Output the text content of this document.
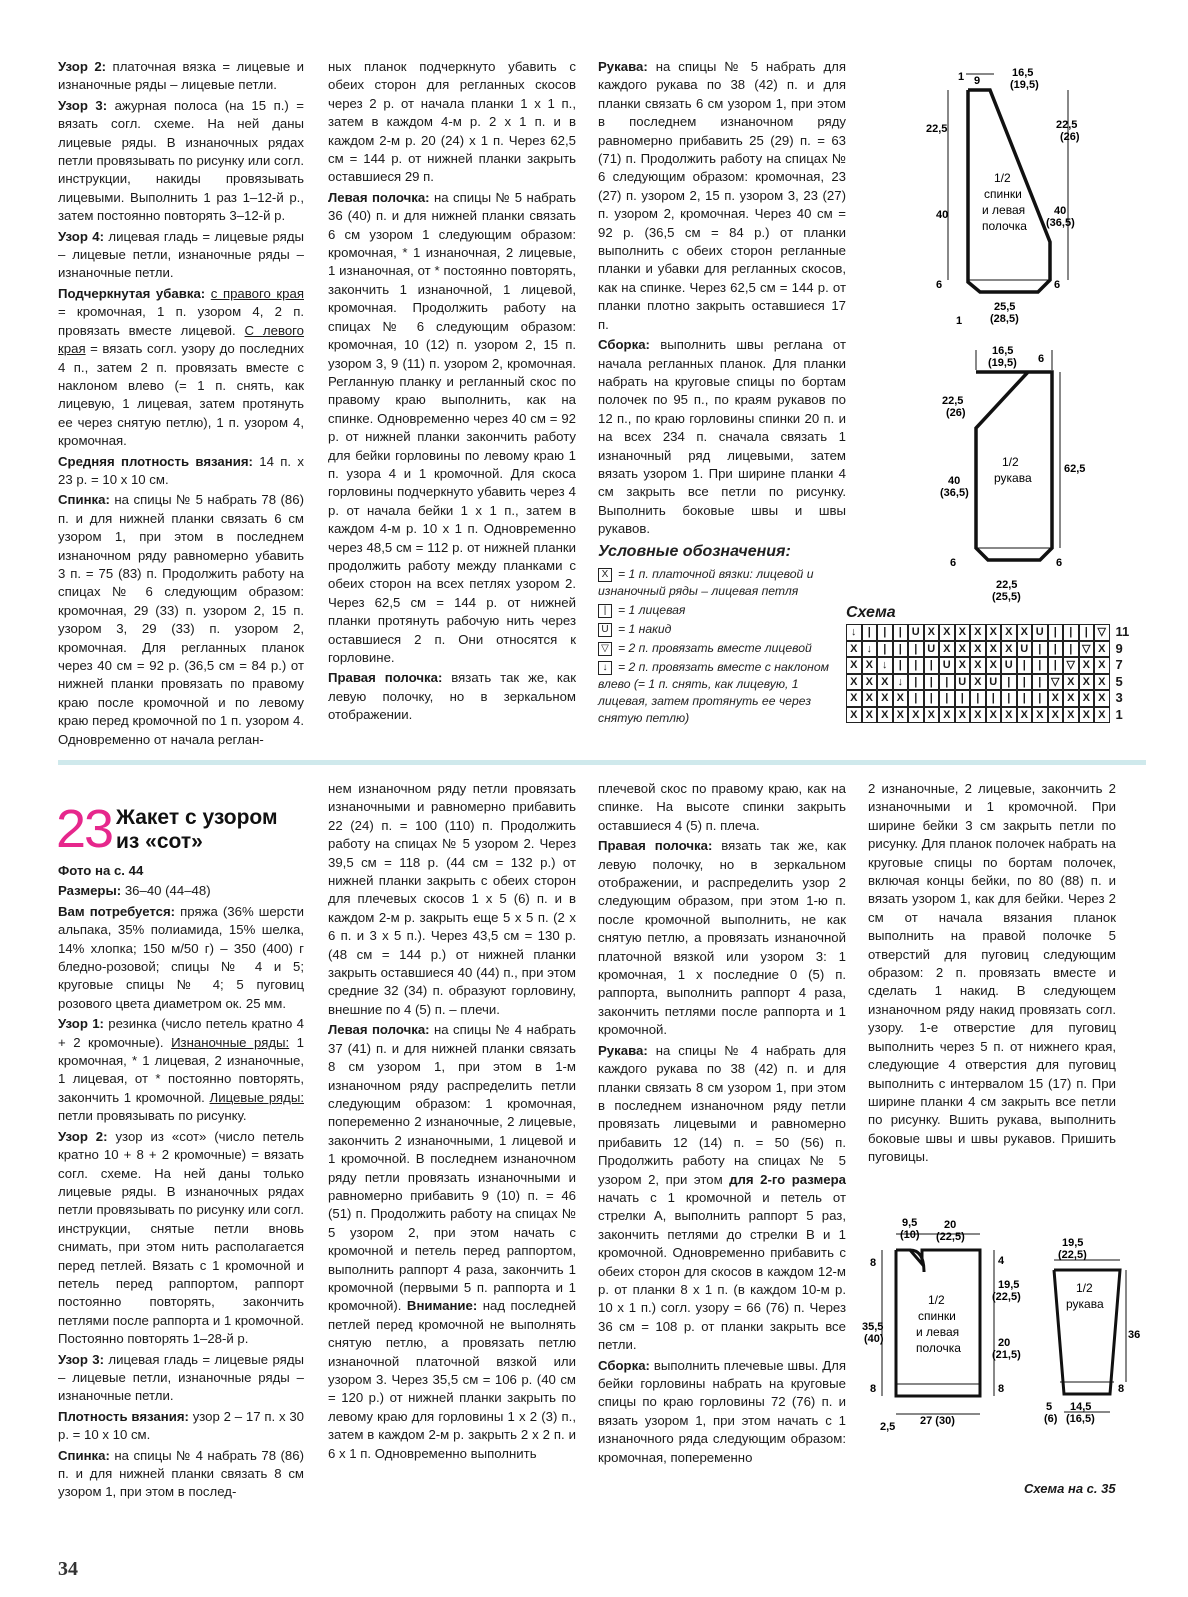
Узор 2: платочная вязка = лицевые и изнаночные ряды – лицевые петли.

Узор 3: ажурная полоса (на 15 п.) = вязать согл. схеме. На ней даны лицевые ряды. В изнаночных рядах петли провязывать по рисунку или согл. инструкции, накиды провязывать лицевыми. Выполнить 1 раз 1–12-й р., затем постоянно повторять 3–12-й р.

Узор 4: лицевая гладь = лицевые ряды – лицевые петли, изнаночные ряды – изнаночные петли.

Подчеркнутая убавка: с правого края = кромочная, 1 п. узором 4, 2 п. провязать вместе лицевой. С левого края = вязать согл. узору до последних 4 п., затем 2 п. провязать вместе с наклоном влево (= 1 п. снять, как лицевую, 1 лицевая, затем протянуть ее через снятую петлю), 1 п. узором 4, кромочная.

Средняя плотность вязания: 14 п. х 23 р. = 10 х 10 см.

Спинка: на спицы № 5 набрать 78 (86) п. и для нижней планки связать 6 см узором 1, при этом в последнем изнаночном ряду равномерно убавить 3 п. = 75 (83) п. Продолжить работу на спицах № 6 следующим образом: кромочная, 29 (33) п. узором 2, 15 п. узором 3, 29 (33) п. узором 2, кромочная. Для регланных планок через 40 см = 92 р. (36,5 см = 84 р.) от нижней планки провязать по правому краю после кромочной и по левому краю перед кромочной по 1 п. узором 4. Одновременно от начала реглан-

ных планок подчеркнуто убавить с обеих сторон для регланных скосов через 2 р. от начала планки 1 х 1 п., затем в каждом 4-м р. 2 х 1 п. и в каждом 2-м р. 20 (24) х 1 п. Через 62,5 см = 144 р. от нижней планки закрыть оставшиеся 29 п.

Левая полочка: на спицы № 5 набрать 36 (40) п. и для нижней планки связать 6 см узором 1 следующим образом: кромочная, * 1 изнаночная, 2 лицевые, 1 изнаночная, от * постоянно повторять, закончить 1 изнаночной, 1 лицевой, кромочная. Продолжить работу на спицах № 6 следующим образом: кромочная, 10 (12) п. узором 2, 15 п. узором 3, 9 (11) п. узором 2, кромочная. Регланную планку и регланный скос по правому краю выполнить, как на спинке. Одновременно через 40 см = 92 р. от нижней планки закончить работу для бейки горловины по левому краю 1 п. узора 4 и 1 кромочной. Для скоса горловины подчеркнуто убавить через 4 р. от начала бейки 1 х 1 п., затем в каждом 4-м р. 10 х 1 п. Одновременно через 48,5 см = 112 р. от нижней планки продолжить работу между планками с обеих сторон на всех петлях узором 2. Через 62,5 см = 144 р. от нижней планки протянуть рабочую нить через оставшиеся 2 п. Они относятся к горловине.

Правая полочка: вязать так же, как левую полочку, но в зеркальном отображении.

Рукава: на спицы № 5 набрать для каждого рукава по 38 (42) п. и для планки связать 6 см узором 1, при этом в последнем изнаночном ряду равномерно прибавить 25 (29) п. = 63 (71) п. Продолжить работу на спицах № 6 следующим образом: кромочная, 23 (27) п. узором 2, 15 п. узором 3, 23 (27) п. узором 2, кромочная. Через 40 см = 92 р. (36,5 см = 84 р.) от планки выполнить с обеих сторон регланные планки и убавки для регланных скосов, как на спинке. Через 62,5 см = 144 р. от планки плотно закрыть оставшиеся 17 п.

Сборка: выполнить швы реглана от начала регланных планок. Для планки набрать на круговые спицы по бортам полочек по 95 п., по краям рукавов по 12 п., по краю горловины спинки 20 п. и на всех 234 п. сначала связать 1 изнаночный ряд лицевыми, затем вязать узором 1. При ширине планки 4 см закрыть все петли по рисунку. Выполнить боковые швы и швы рукавов.

Условные обозначения:
X = 1 п. платочной вязки: лицевой и изнаночный ряды – лицевая петля
| = 1 лицевая
U = 1 накид
▽ = 2 п. провязать вместе лицевой
↓ = 2 п. провязать вместе с наклоном влево (= 1 п. снять, как лицевую, 1 лицевая, затем протянуть ее через снятую петлю)
Схема
↓	|	|	| U X X X X X X X U |	|	| ▽ 11
X ↓	|	|	| U X X X X X U |	|	| ▽ X 9
X X ↓	|	|	| U X X X U |	|	| ▽ X X 7
X X X ↓	|	|	| U X U |	|	| ▽ X X X 5
X X X X |	|	|	|	|	|	|	|	| X X X X 3
X X X X X X X X X X X X X X X X X 1
1 9
16,5
(19,5)
22,5	22,5
(26)
40	40
(36,5)
6	6
25,5
(28,5)
1
1/2
спинки
и левая
полочка
16,5
(19,5) 6
22,5
(26)
62,5
40
(36,5)
6	6
22,5
(25,5)
1/2
рукава
23 Жакет с узором
из «сот»

Фото на с. 44

Размеры: 36–40 (44–48)

Вам потребуется: пряжа (36% шерсти альпака, 35% полиамида, 15% шелка, 14% хлопка; 150 м/50 г) – 350 (400) г бледно-розовой; спицы № 4 и 5; круговые спицы № 4; 5 пуговиц розового цвета диаметром ок. 25 мм.

Узор 1: резинка (число петель кратно 4 + 2 кромочные). Изнаночные ряды: 1 кромочная, * 1 лицевая, 2 изнаночные, 1 лицевая, от * постоянно повторять, закончить 1 кромочной. Лицевые ряды: петли провязывать по рисунку.

Узор 2: узор из «сот» (число петель кратно 10 + 8 + 2 кромочные) = вязать согл. схеме. На ней даны только лицевые ряды. В изнаночных рядах петли провязывать по рисунку или согл. инструкции, снятые петли вновь снимать, при этом нить располагается перед петлей. Вязать с 1 кромочной и петель перед раппортом, раппорт постоянно повторять, закончить петлями после раппорта и 1 кромочной. Постоянно повторять 1–28-й р.

Узор 3: лицевая гладь = лицевые ряды – лицевые петли, изнаночные ряды – изнаночные петли.

Плотность вязания: узор 2 – 17 п. х 30 р. = 10 х 10 см.

Спинка: на спицы № 4 набрать 78 (86) п. и для нижней планки связать 8 см узором 1, при этом в послед-

нем изнаночном ряду петли провязать изнаночными и равномерно прибавить 22 (24) п. = 100 (110) п. Продолжить работу на спицах № 5 узором 2. Через 39,5 см = 118 р. (44 см = 132 р.) от нижней планки закрыть с обеих сторон для плечевых скосов 1 х 5 (6) п. и в каждом 2-м р. закрыть еще 5 х 5 п. (2 х 6 п. и 3 х 5 п.). Через 43,5 см = 130 р. (48 см = 144 р.) от нижней планки закрыть оставшиеся 40 (44) п., при этом средние 32 (34) п. образуют горловину, внешние по 4 (5) п. – плечи.

Левая полочка: на спицы № 4 набрать 37 (41) п. и для нижней планки связать 8 см узором 1, при этом в 1-м изнаночном ряду распределить петли следующим образом: 1 кромочная, попеременно 2 изнаночные, 2 лицевые, закончить 2 изнаночными, 1 лицевой и 1 кромочной. В последнем изнаночном ряду петли провязать изнаночными и равномерно прибавить 9 (10) п. = 46 (51) п. Продолжить работу на спицах № 5 узором 2, при этом начать с кромочной и петель перед раппортом, выполнить раппорт 4 раза, закончить 1 кромочной (первыми 5 п. раппорта и 1 кромочной). Внимание: над последней петлей перед кромочной не выполнять снятую петлю, а провязать петлю изнаночной платочной вязкой или узором 3. Через 35,5 см = 106 р. (40 см = 120 р.) от нижней планки закрыть по левому краю для горловины 1 х 2 (3) п., затем в каждом 2-м р. закрыть 2 х 2 п. и 6 х 1 п. Одновременно выполнить

плечевой скос по правому краю, как на спинке. На высоте спинки закрыть оставшиеся 4 (5) п. плеча.

Правая полочка: вязать так же, как левую полочку, но в зеркальном отображении, и распределить узор 2 следующим образом, при этом 1-ю п. после кромочной выполнить, не как снятую петлю, а провязать изнаночной платочной вязкой или узором 3: 1 кромочная, 1 х последние 0 (5) п. раппорта, выполнить раппорт 4 раза, закончить петлями после раппорта и 1 кромочной.

Рукава: на спицы № 4 набрать для каждого рукава по 38 (42) п. и для планки связать 8 см узором 1, при этом в последнем изнаночном ряду петли провязать лицевыми и равномерно прибавить 12 (14) п. = 50 (56) п. Продолжить работу на спицах № 5 узором 2, при этом для 2-го размера начать с 1 кромочной и петель от стрелки А, выполнить раппорт 5 раз, закончить петлями до стрелки В и 1 кромочной. Одновременно прибавить с обеих сторон для скосов в каждом 12-м р. от планки 8 х 1 п. (в каждом 10-м р. 10 х 1 п.) согл. узору = 66 (76) п. Через 36 см = 108 р. от планки закрыть все петли.

Сборка: выполнить плечевые швы. Для бейки горловины набрать на круговые спицы по краю горловины 72 (76) п. и вязать узором 1, при этом начать с 1 изнаночного ряда следующим образом: кромочная, попеременно

2 изнаночные, 2 лицевые, закончить 2 изнаночными и 1 кромочной. При ширине бейки 3 см закрыть петли по рисунку. Для планок полочек набрать на круговые спицы по бортам полочек, включая концы бейки, по 80 (88) п. и вязать узором 1, как для бейки. Через 2 см от начала вязания планок выполнить на правой полочке 5 отверстий для пуговиц следующим образом: 2 п. провязать вместе и сделать 1 накид. В следующем изнаночном ряду накид провязать согл. узору. 1-е отверстие для пуговиц выполнить через 5 п. от нижнего края, следующие 4 отверстия для пуговиц выполнить с интервалом 15 (17) п. При ширине планки 4 см закрыть все петли по рисунку. Вшить рукава, выполнить боковые швы и швы рукавов. Пришить пуговицы.

9,5
(10)
20
(22,5)
8	4
19,5
(22,5)
35,5
(40)	20
(21,5)
8	8
2,5 27 (30)
1/2
спинки
и левая
полочка
19,5
(22,5)
36
8
5
(6)
14,5
(16,5)
1/2
рукава
Схема на с. 35
34
